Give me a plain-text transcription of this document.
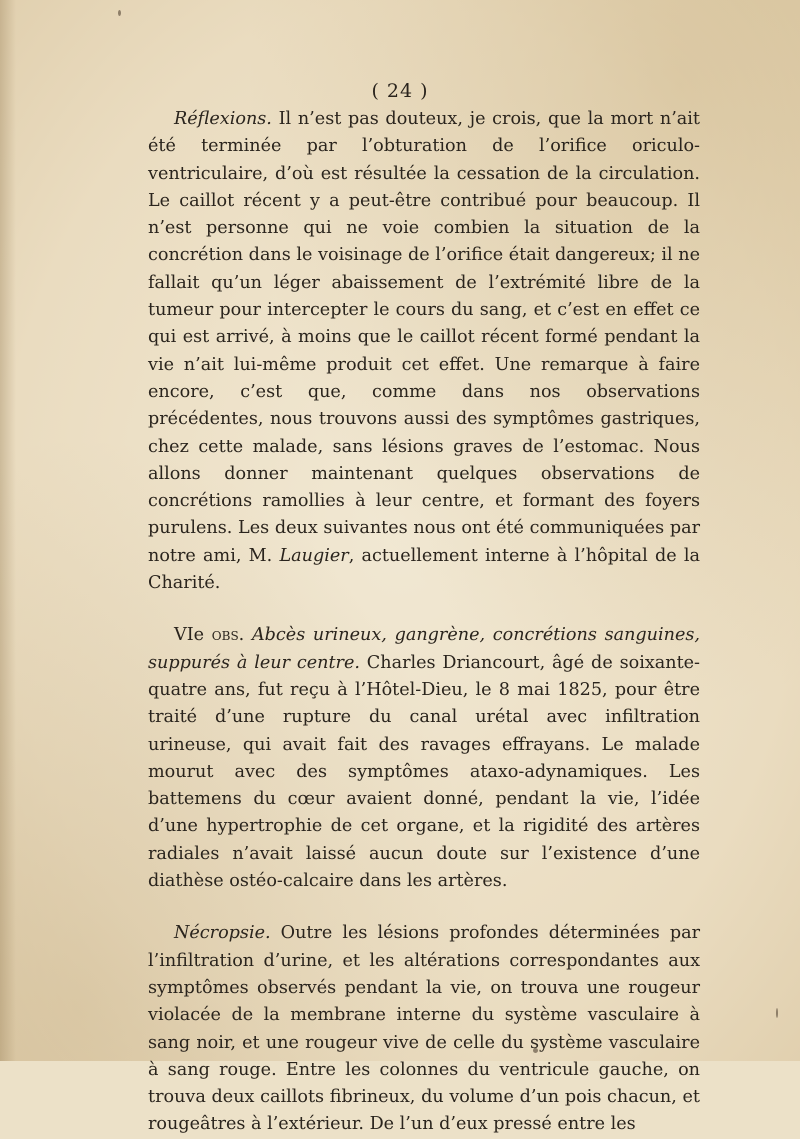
( 24 )

Réflexions. Il n’est pas douteux, je crois, que la mort n’ait été terminée par l’obturation de l’orifice oriculo-ventriculaire, d’où est résultée la cessation de la circulation. Le caillot récent y a peut-être contribué pour beaucoup. Il n’est personne qui ne voie combien la situation de la concrétion dans le voisinage de l’orifice était dangereux; il ne fallait qu’un léger abaissement de l’extrémité libre de la tumeur pour intercepter le cours du sang, et c’est en effet ce qui est arrivé, à moins que le caillot récent formé pendant la vie n’ait lui-même produit cet effet. Une remarque à faire encore, c’est que, comme dans nos observations précédentes, nous trouvons aussi des symptômes gastriques, chez cette malade, sans lésions graves de l’estomac. Nous allons donner maintenant quelques observations de concrétions ramollies à leur centre, et formant des foyers purulens. Les deux suivantes nous ont été communiquées par notre ami, M. Laugier, actuellement interne à l’hôpital de la Charité.

VIe obs. Abcès urineux, gangrène, concrétions sanguines, suppurés à leur centre. Charles Driancourt, âgé de soixante-quatre ans, fut reçu à l’Hôtel-Dieu, le 8 mai 1825, pour être traité d’une rupture du canal urétal avec infiltration urineuse, qui avait fait des ravages effrayans. Le malade mourut avec des symptômes ataxo-adynamiques. Les battemens du cœur avaient donné, pendant la vie, l’idée d’une hypertrophie de cet organe, et la rigidité des artères radiales n’avait laissé aucun doute sur l’existence d’une diathèse ostéo-calcaire dans les artères.

Nécropsie. Outre les lésions profondes déterminées par l’infiltration d’urine, et les altérations correspondantes aux symptômes observés pendant la vie, on trouva une rougeur violacée de la membrane interne du système vasculaire à sang noir, et une rougeur vive de celle du système vasculaire à sang rouge. Entre les colonnes du ventricule gauche, on trouva deux caillots fibrineux, du volume d’un pois chacun, et rougeâtres à l’extérieur. De l’un d’eux pressé entre les
